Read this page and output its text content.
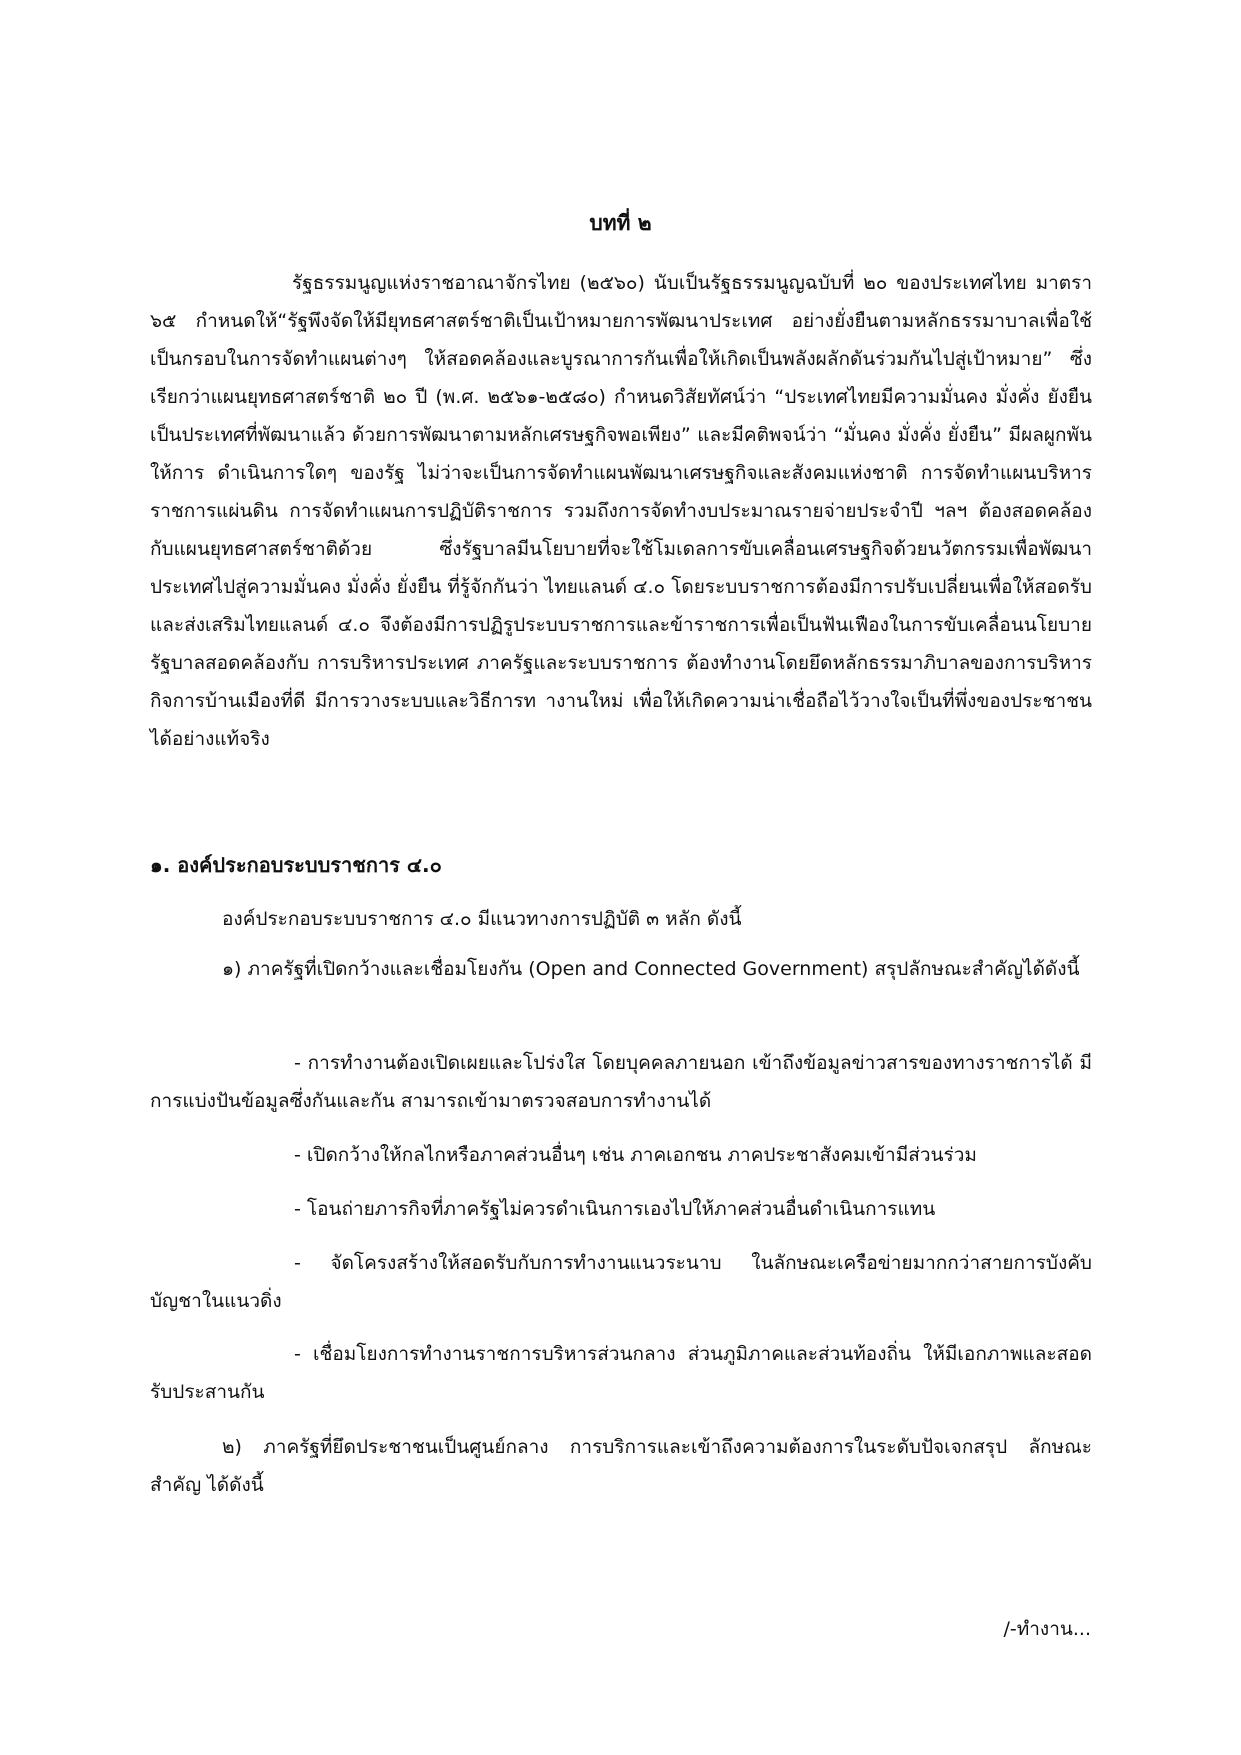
บทที่ ๒
รัฐธรรมนูญแห่งราชอาณาจักรไทย (๒๕๖๐) นับเป็นรัฐธรรมนูญฉบับที่ ๒๐ ของประเทศไทย มาตรา ๖๕ กำหนดให้“รัฐพึงจัดให้มียุทธศาสตร์ชาติเป็นเป้าหมายการพัฒนาประเทศ อย่างยั่งยืนตามหลักธรรมาบาลเพื่อใช้เป็นกรอบในการจัดทำแผนต่างๆ ให้สอดคล้องและบูรณาการกันเพื่อให้เกิดเป็นพลังผลักดันร่วมกันไปสู่เป้าหมาย” ซึ่งเรียกว่าแผนยุทธศาสตร์ชาติ ๒๐ ปี (พ.ศ. ๒๕๖๑-๒๕๘๐) กำหนดวิสัยทัศน์ว่า “ประเทศไทยมีความมั่นคง มั่งคั่ง ยังยืน เป็นประเทศที่พัฒนาแล้ว ด้วยการพัฒนาตามหลักเศรษฐกิจพอเพียง” และมีคติพจน์ว่า “มั่นคง มั่งคั่ง ยั่งยืน” มีผลผูกพันให้การ ดำเนินการใดๆ ของรัฐ ไม่ว่าจะเป็นการจัดทำแผนพัฒนาเศรษฐกิจและสังคมแห่งชาติ การจัดทำแผนบริหารราชการแผ่นดิน การจัดทำแผนการปฏิบัติราชการ รวมถึงการจัดทำงบประมาณรายจ่ายประจำปี ฯลฯ ต้องสอดคล้องกับแผนยุทธศาสตร์ชาติด้วย ซึ่งรัฐบาลมีนโยบายที่จะใช้โมเดลการขับเคลื่อนเศรษฐกิจด้วยนวัตกรรมเพื่อพัฒนาประเทศไปสู่ความมั่นคง มั่งคั่ง ยั่งยืน ที่รู้จักกันว่า ไทยแลนด์ ๔.๐ โดยระบบราชการต้องมีการปรับเปลี่ยนเพื่อให้สอดรับและส่งเสริมไทยแลนด์ ๔.๐ จึงต้องมีการปฏิรูประบบราชการและข้าราชการเพื่อเป็นฟันเฟืองในการขับเคลื่อนนโยบายรัฐบาลสอดคล้องกับ การบริหารประเทศ ภาครัฐและระบบราชการ ต้องทำงานโดยยึดหลักธรรมาภิบาลของการบริหารกิจการบ้านเมืองที่ดี มีการวางระบบและวิธีการท างานใหม่ เพื่อให้เกิดความน่าเชื่อถือไว้วางใจเป็นที่พึ่งของประชาชนได้อย่างแท้จริง
๑. องค์ประกอบระบบราชการ ๔.๐
องค์ประกอบระบบราชการ ๔.๐ มีแนวทางการปฏิบัติ ๓ หลัก ดังนี้
๑) ภาครัฐที่เปิดกว้างและเชื่อมโยงกัน (Open and Connected Government) สรุปลักษณะสำคัญได้ดังนี้
- การทำงานต้องเปิดเผยและโปร่งใส โดยบุคคลภายนอก เข้าถึงข้อมูลข่าวสารของทางราชการได้ มีการแบ่งปันข้อมูลซึ่งกันและกัน สามารถเข้ามาตรวจสอบการทำงานได้
- เปิดกว้างให้กลไกหรือภาคส่วนอื่นๆ เช่น ภาคเอกชน ภาคประชาสังคมเข้ามีส่วนร่วม
- โอนถ่ายภารกิจที่ภาครัฐไม่ควรดำเนินการเองไปให้ภาคส่วนอื่นดำเนินการแทน
- จัดโครงสร้างให้สอดรับกับการทำงานแนวระนาบ ในลักษณะเครือข่ายมากกว่าสายการบังคับบัญชาในแนวดิ่ง
- เชื่อมโยงการทำงานราชการบริหารส่วนกลาง ส่วนภูมิภาคและส่วนท้องถิ่น ให้มีเอกภาพและสอดรับประสานกัน
๒) ภาครัฐที่ยึดประชาชนเป็นศูนย์กลาง การบริการและเข้าถึงความต้องการในระดับปัจเจกสรุป ลักษณะสำคัญ ได้ดังนี้
/-ทำงาน...
